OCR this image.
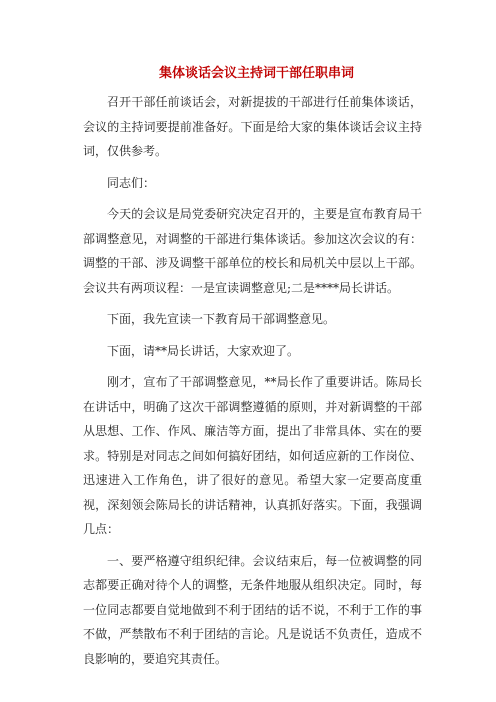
集体谈话会议主持词干部任职串词

召开干部任前谈话会，对新提拔的干部进行任前集体谈话，会议的主持词要提前准备好。下面是给大家的集体谈话会议主持词，仅供参考。

同志们：

今天的会议是局党委研究决定召开的，主要是宣布教育局干部调整意见，对调整的干部进行集体谈话。参加这次会议的有：调整的干部、涉及调整干部单位的校长和局机关中层以上干部。会议共有两项议程：一是宣读调整意见;二是****局长讲话。

下面，我先宣读一下教育局干部调整意见。

下面，请**局长讲话，大家欢迎了。

刚才，宣布了干部调整意见，**局长作了重要讲话。陈局长在讲话中，明确了这次干部调整遵循的原则，并对新调整的干部从思想、工作、作风、廉洁等方面，提出了非常具体、实在的要求。特别是对同志之间如何搞好团结，如何适应新的工作岗位、迅速进入工作角色，讲了很好的意见。希望大家一定要高度重视，深刻领会陈局长的讲话精神，认真抓好落实。下面，我强调几点：

一、要严格遵守组织纪律。会议结束后，每一位被调整的同志都要正确对待个人的调整，无条件地服从组织决定。同时，每一位同志都要自觉地做到不利于团结的话不说，不利于工作的事不做，严禁散布不利于团结的言论。凡是说话不负责任，造成不良影响的，要追究其责任。
